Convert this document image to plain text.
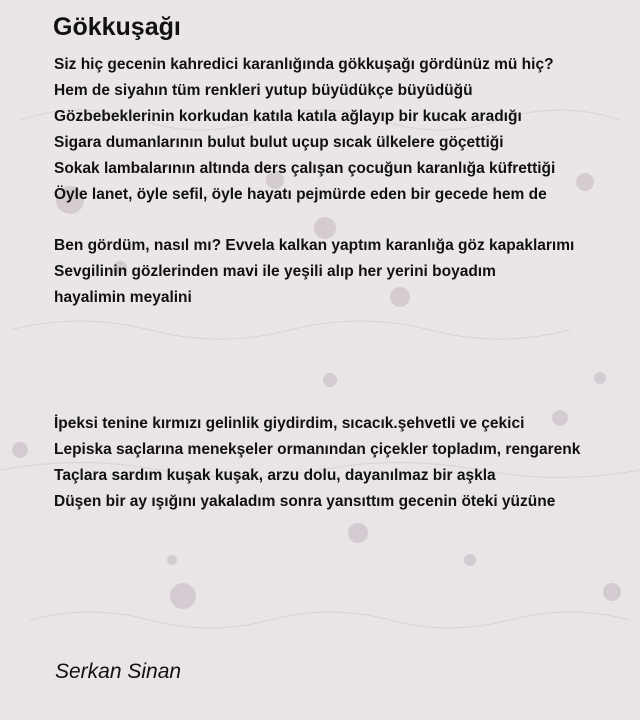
Gökkuşağı
Siz hiç gecenin kahredici karanlığında gökkuşağı gördünüz mü hiç?
Hem de siyahın tüm renkleri yutup büyüdükçe büyüdüğü
Gözbebeklerinin korkudan katıla katıla ağlayıp bir kucak aradığı
Sigara dumanlarının bulut bulut uçup sıcak ülkelere göçettiği
Sokak lambalarının altında ders çalışan çocuğun karanlığa küfrettiği
Öyle lanet, öyle sefil, öyle hayatı pejmürde eden bir gecede hem de
Ben gördüm, nasıl mı? Evvela kalkan yaptım karanlığa göz kapaklarımı
Sevgilinin gözlerinden mavi ile yeşili alıp her yerini boyadım
hayalimin meyalini
İpeksi tenine kırmızı gelinlik giydirdim, sıcacık.şehvetli ve çekici
Lepiska saçlarına menekşeler ormanından çiçekler topladım, rengarenk
Taçlara sardım kuşak kuşak, arzu dolu, dayanılmaz bir aşkla
Düşen bir ay ışığını yakaladım sonra yansıttım gecenin öteki yüzüne

Serkan Sinan
